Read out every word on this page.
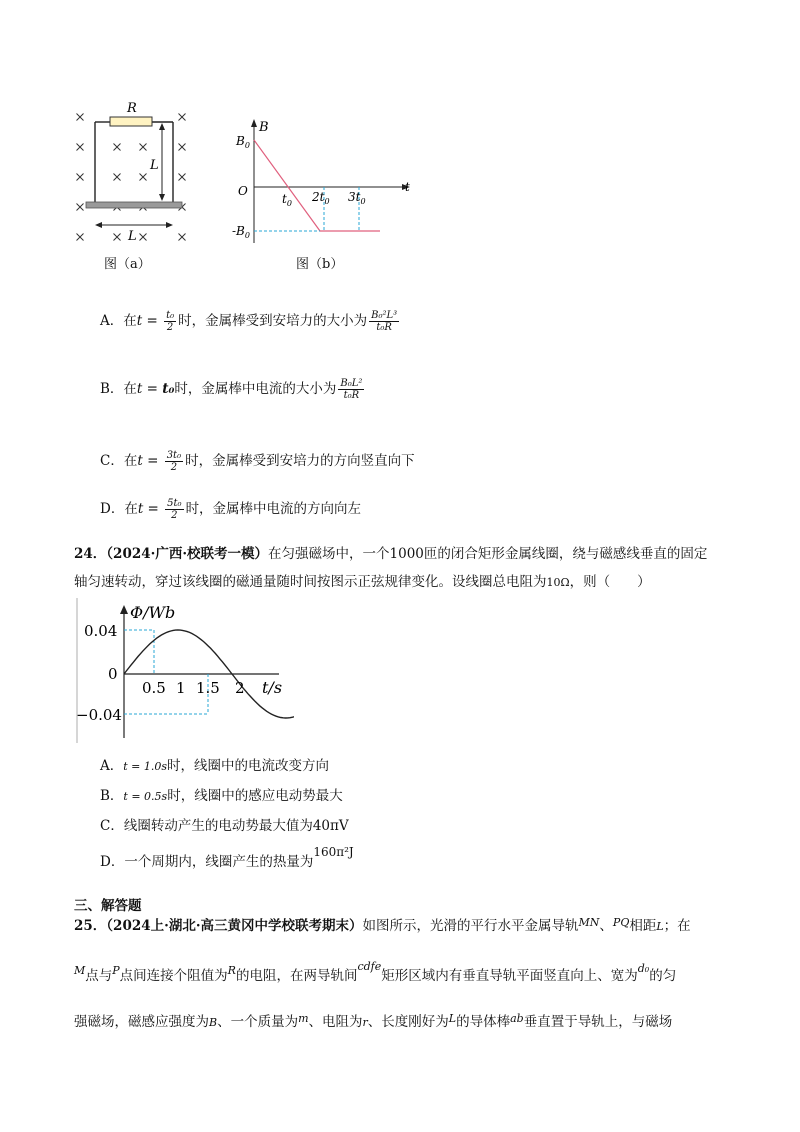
R
L
L
图（a）
B
t
O
$B_0$
$-B_0$
$t_0$ $2t_0$ $3t_0$
图（b）
A．在$t = \frac{\text{t₀}}{2}$ 时，金属棒受到安培力的大小为 $\frac{\text{B₀²L³}}{\text{t₀R}}$
B．在t = t₀时，金属棒中电流的大小为 $\frac{\text{B₀L²}}{\text{t₀R}}$
C．在$t = \frac{\text{3t₀}}{2}$ 时，金属棒受到安培力的方向竖直向下
D．在$t = \frac{\text{5t₀}}{2}$ 时，金属棒中电流的方向向左
24．（2024·广西·校联考一模）在匀强磁场中，一个1000匝的闭合矩形金属线圈，绕与磁感线垂直的固定
轴匀速转动，穿过该线圈的磁通量随时间按图示正弦规律变化。设线圈总电阻为10Ω，则（　　）
Φ/Wb
0.04
0
−0.04
0.5 1 1.5 2 t/s
A．t = 1.0s时，线圈中的电流改变方向
B．t = 0.5s时，线圈中的感应电动势最大
C．线圈转动产生的电动势最大值为40πV
D．一个周期内，线圈产生的热量为160π²J
三、解答题
25．（2024上·湖北·高三黄冈中学校联考期末）如图所示，光滑的平行水平金属导轨$^{MN}$、$^{PQ}$相距L；在
$^M$点与$^P$点间连接个阻值为$^R$的电阻，在两导轨间$^{cdfe}$矩形区域内有垂直导轨平面竖直向上、宽为$^{d_0}$的匀
强磁场，磁感应强度为B、一个质量为$^m$、电阻为r、长度刚好为$^L$的导体棒$^{ab}$垂直置于导轨上，与磁场
